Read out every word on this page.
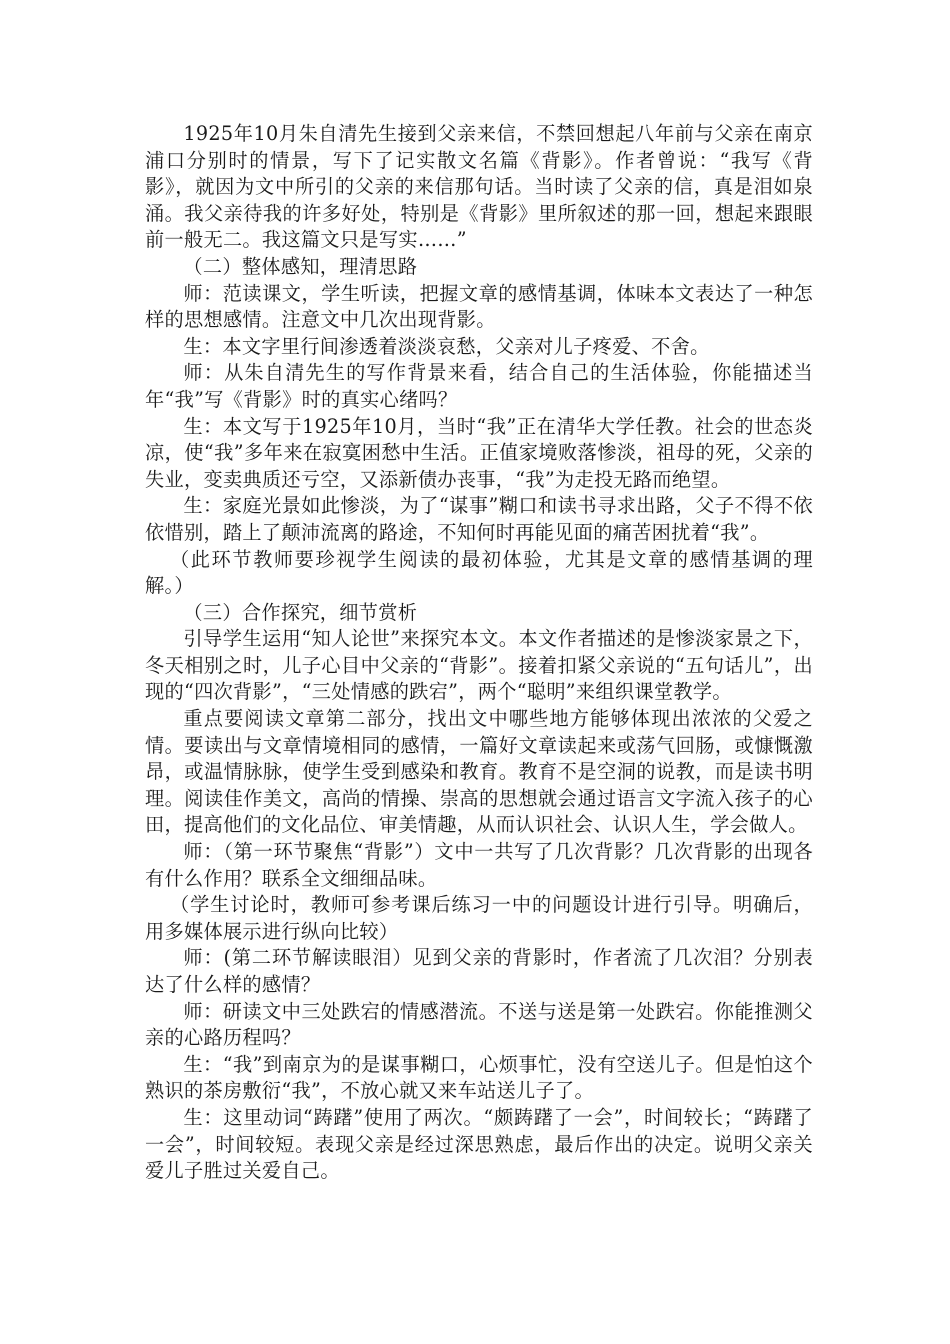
1925年10月朱自清先生接到父亲来信，不禁回想起八年前与父亲在南京浦口分别时的情景，写下了记实散文名篇《背影》。作者曾说：“我写《背影》，就因为文中所引的父亲的来信那句话。当时读了父亲的信，真是泪如泉涌。我父亲待我的许多好处，特别是《背影》里所叙述的那一回，想起来跟眼前一般无二。我这篇文只是写实……”

（二）整体感知，理清思路

师：范读课文，学生听读，把握文章的感情基调，体味本文表达了一种怎样的思想感情。注意文中几次出现背影。

生：本文字里行间渗透着淡淡哀愁，父亲对儿子疼爱、不舍。

师：从朱自清先生的写作背景来看，结合自己的生活体验，你能描述当年“我”写《背影》时的真实心绪吗？

生：本文写于1925年10月，当时“我”正在清华大学任教。社会的世态炎凉，使“我”多年来在寂寞困愁中生活。正值家境败落惨淡，祖母的死，父亲的失业，变卖典质还亏空，又添新债办丧事，“我”为走投无路而绝望。

生：家庭光景如此惨淡，为了“谋事”糊口和读书寻求出路，父子不得不依依惜别，踏上了颠沛流离的路途，不知何时再能见面的痛苦困扰着“我”。

（此环节教师要珍视学生阅读的最初体验，尤其是文章的感情基调的理解。）

（三）合作探究，细节赏析

引导学生运用“知人论世”来探究本文。本文作者描述的是惨淡家景之下，冬天相别之时，儿子心目中父亲的“背影”。接着扣紧父亲说的“五句话儿”，出现的“四次背影”，“三处情感的跌宕”，两个“聪明”来组织课堂教学。

重点要阅读文章第二部分，找出文中哪些地方能够体现出浓浓的父爱之情。要读出与文章情境相同的感情，一篇好文章读起来或荡气回肠，或慷慨激昂，或温情脉脉，使学生受到感染和教育。教育不是空洞的说教，而是读书明理。阅读佳作美文，高尚的情操、崇高的思想就会通过语言文字流入孩子的心田，提高他们的文化品位、审美情趣，从而认识社会、认识人生，学会做人。

师：（第一环节聚焦“背影”）文中一共写了几次背影？几次背影的出现各有什么作用？联系全文细细品味。

（学生讨论时，教师可参考课后练习一中的问题设计进行引导。明确后，用多媒体展示进行纵向比较）

师：(第二环节解读眼泪）见到父亲的背影时，作者流了几次泪？分别表达了什么样的感情？

师：研读文中三处跌宕的情感潜流。不送与送是第一处跌宕。你能推测父亲的心路历程吗？

生：“我”到南京为的是谋事糊口，心烦事忙，没有空送儿子。但是怕这个熟识的茶房敷衍“我”，不放心就又来车站送儿子了。

生：这里动词“踌躇”使用了两次。“颇踌躇了一会”，时间较长；“踌躇了一会”，时间较短。表现父亲是经过深思熟虑，最后作出的决定。说明父亲关爱儿子胜过关爱自己。
